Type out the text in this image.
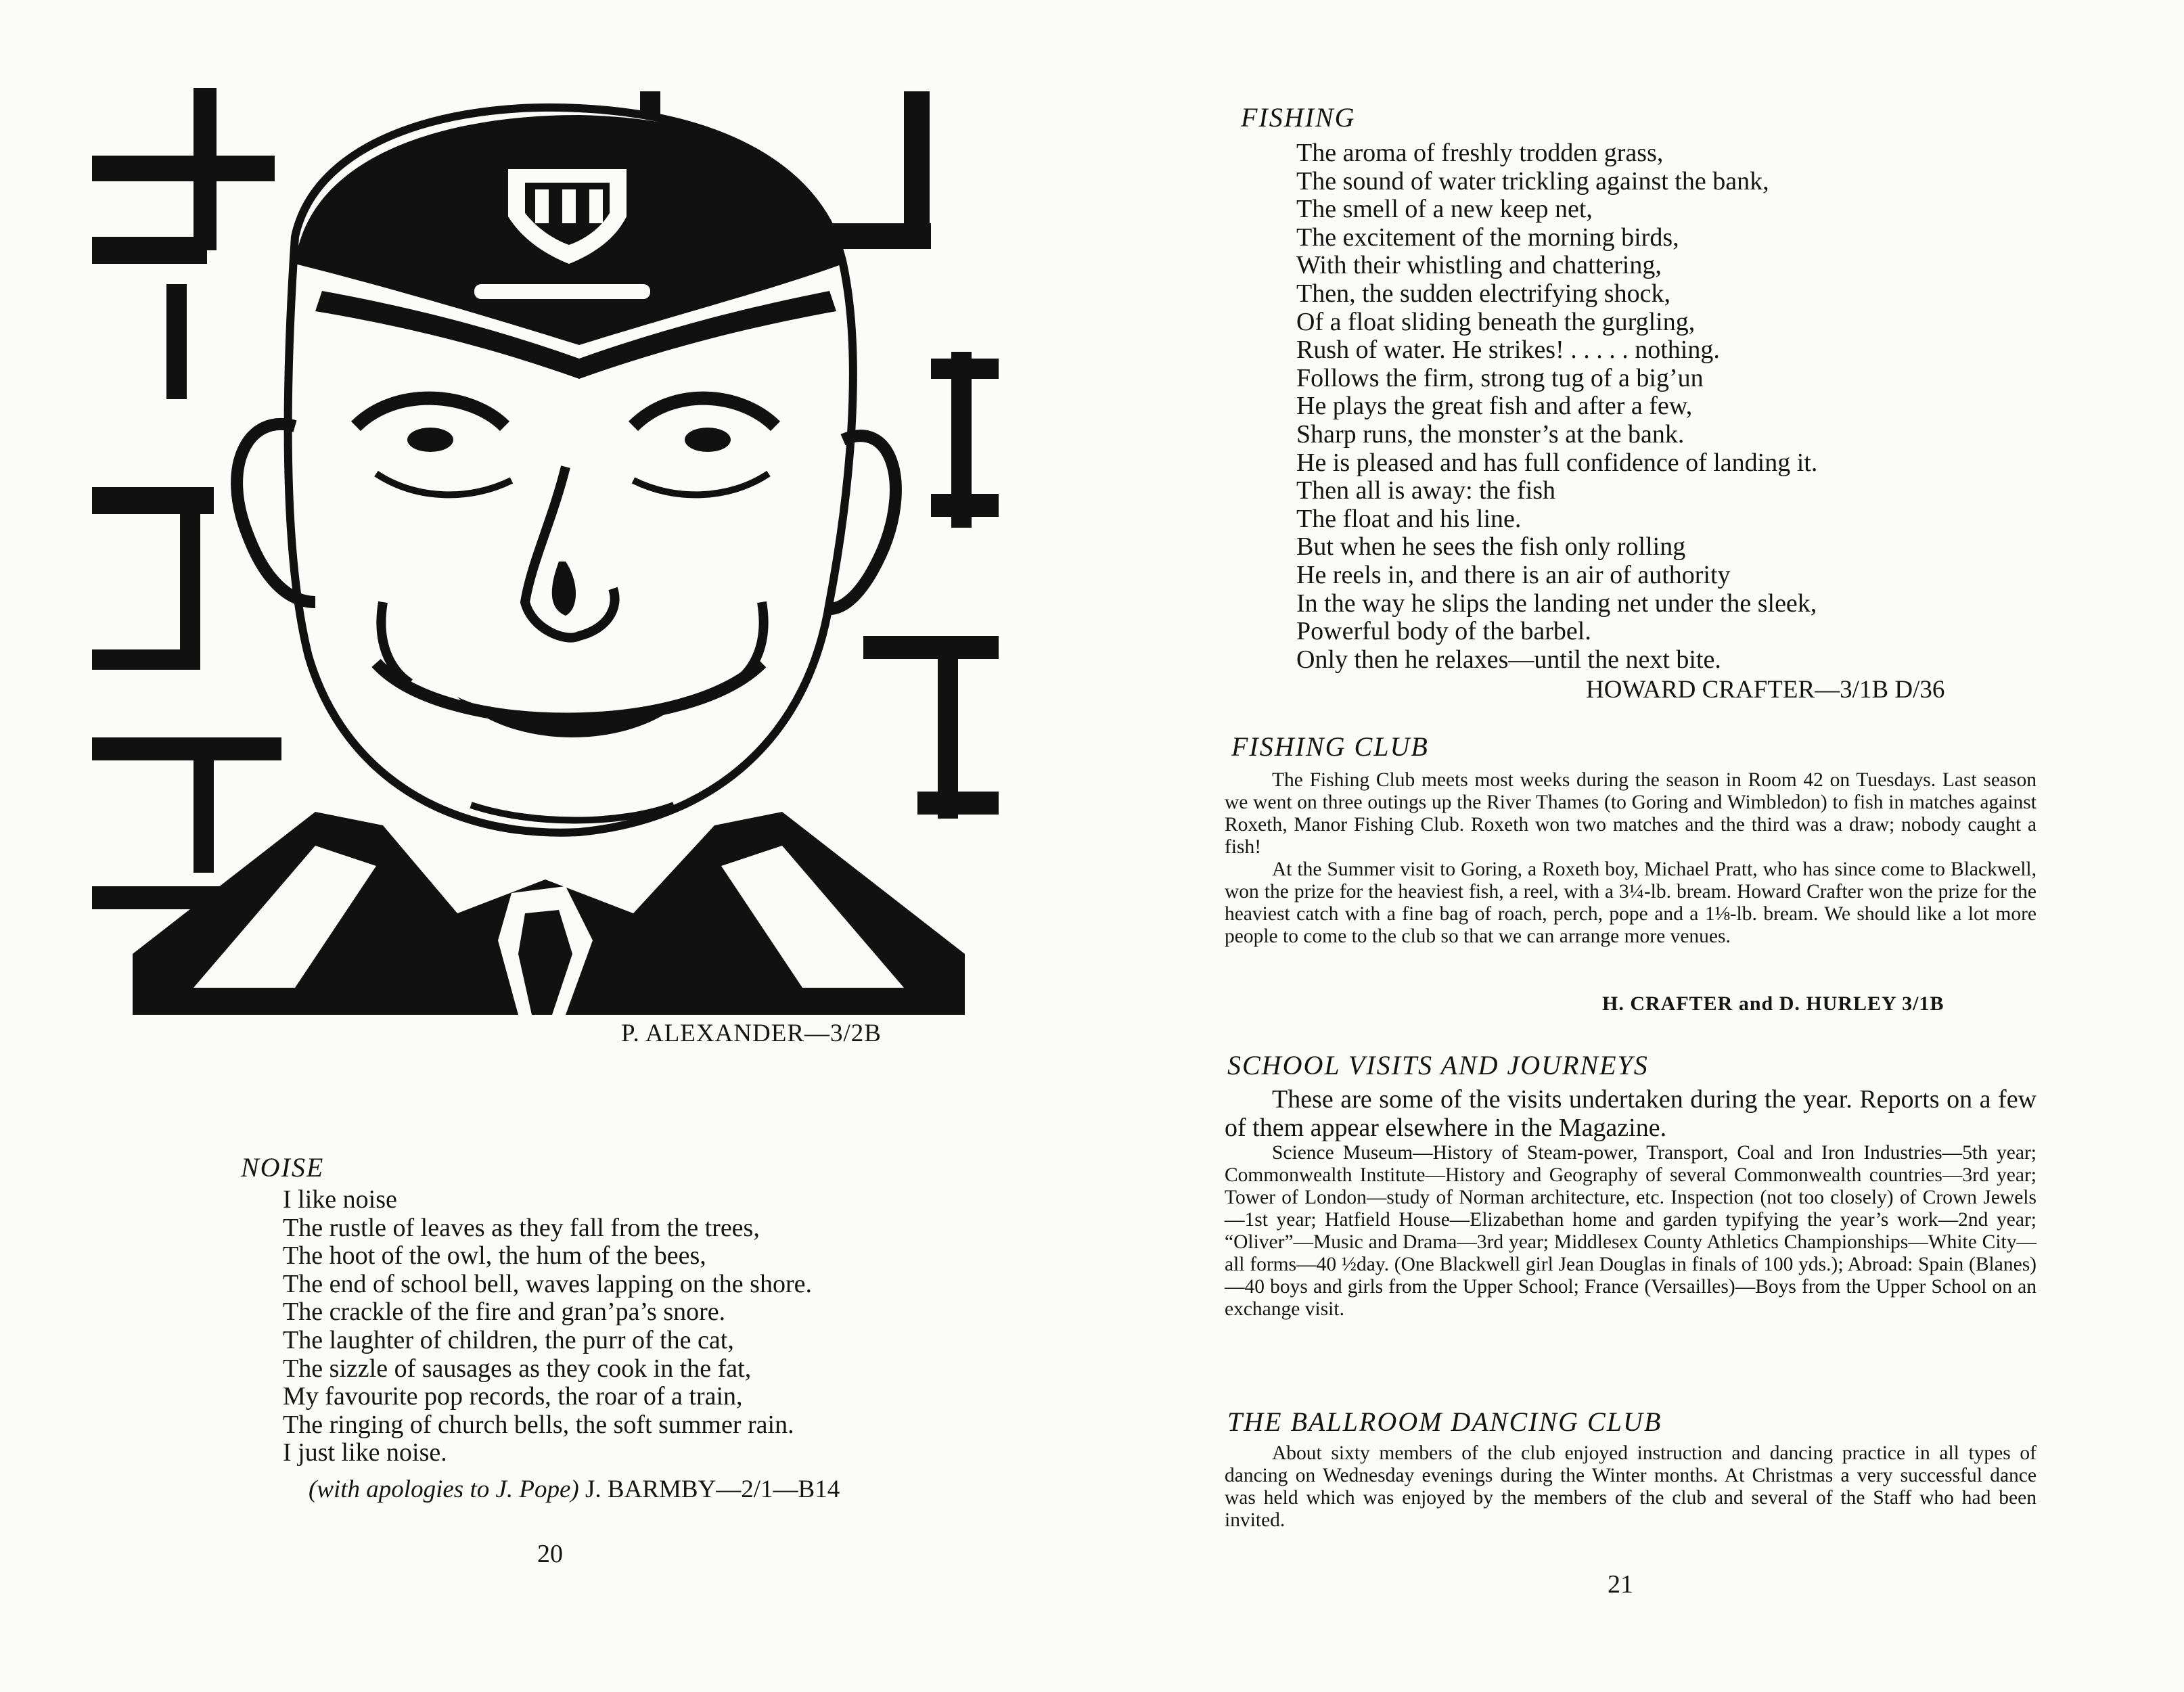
P. ALEXANDER—3/2B
NOISE
I like noise
The rustle of leaves as they fall from the trees,
The hoot of the owl, the hum of the bees,
The end of school bell, waves lapping on the shore.
The crackle of the fire and gran’pa’s snore.
The laughter of children, the purr of the cat,
The sizzle of sausages as they cook in the fat,
My favourite pop records, the roar of a train,
The ringing of church bells, the soft summer rain.
I just like noise.
(with apologies to J. Pope) J. BARMBY—2/1—B14
20
FISHING
The aroma of freshly trodden grass,
The sound of water trickling against the bank,
The smell of a new keep net,
The excitement of the morning birds,
With their whistling and chattering,
Then, the sudden electrifying shock,
Of a float sliding beneath the gurgling,
Rush of water. He strikes! . . . . . nothing.
Follows the firm, strong tug of a big’un
He plays the great fish and after a few,
Sharp runs, the monster’s at the bank.
He is pleased and has full confidence of landing it.
Then all is away: the fish
The float and his line.
But when he sees the fish only rolling
He reels in, and there is an air of authority
In the way he slips the landing net under the sleek,
Powerful body of the barbel.
Only then he relaxes—until the next bite.
HOWARD CRAFTER—3/1B D/36
FISHING CLUB

The Fishing Club meets most weeks during the season in Room 42 on Tuesdays. Last season we went on three outings up the River Thames (to Goring and Wimbledon) to fish in matches against Roxeth, Manor Fishing Club. Roxeth won two matches and the third was a draw; nobody caught a fish!

At the Summer visit to Goring, a Roxeth boy, Michael Pratt, who has since come to Blackwell, won the prize for the heaviest fish, a reel, with a 3¼-lb. bream. Howard Crafter won the prize for the heaviest catch with a fine bag of roach, perch, pope and a 1⅛-lb. bream. We should like a lot more people to come to the club so that we can arrange more venues.

H. CRAFTER and D. HURLEY 3/1B
SCHOOL VISITS AND JOURNEYS

These are some of the visits undertaken during the year. Reports on a few of them appear elsewhere in the Magazine.

Science Museum—History of Steam-power, Transport, Coal and Iron Industries—5th year; Commonwealth Institute—History and Geography of several Commonwealth countries—3rd year; Tower of London—study of Norman architecture, etc. Inspection (not too closely) of Crown Jewels—1st year; Hatfield House—Elizabethan home and garden typifying the year’s work—2nd year; “Oliver”—Music and Drama—3rd year; Middlesex County Athletics Championships—White City—all forms—40 ½day. (One Blackwell girl Jean Douglas in finals of 100 yds.); Abroad: Spain (Blanes)—40 boys and girls from the Upper School; France (Versailles)—Boys from the Upper School on an exchange visit.

THE BALLROOM DANCING CLUB

About sixty members of the club enjoyed instruction and dancing practice in all types of dancing on Wednesday evenings during the Winter months. At Christmas a very successful dance was held which was enjoyed by the members of the club and several of the Staff who had been invited.

21
